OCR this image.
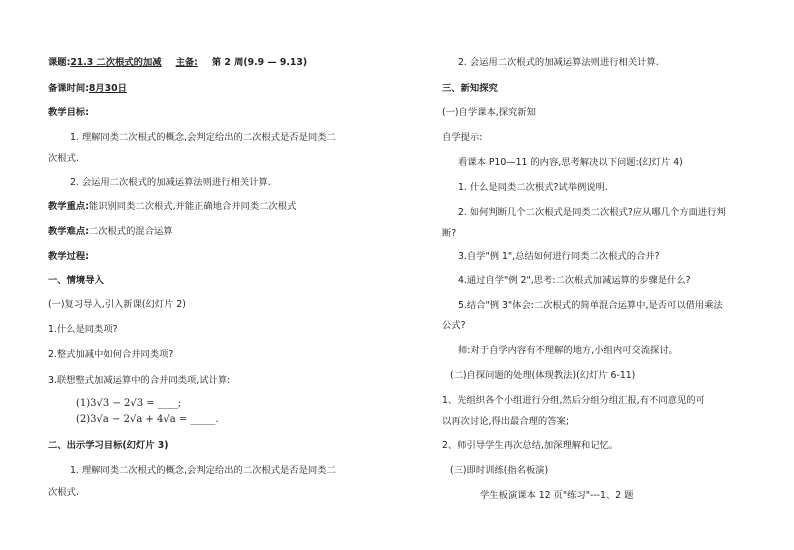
课题:21.3 二次根式的加减 主备: 第 2 周(9.9 — 9.13)
备课时间:8月30日
教学目标:
1. 理解同类二次根式的概念,会判定给出的二次根式是否是同类二
次根式.
2. 会运用二次根式的加减运算法则进行相关计算.
教学重点:能识别同类二次根式,并能正确地合并同类二次根式
教学难点:二次根式的混合运算
教学过程:
一、情境导入
(一)复习导入,引入新课(幻灯片 2)
1.什么是同类项?
2.整式加减中如何合并同类项?
3.联想整式加减运算中的合并同类项,试计算:
(1)3√3 − 2√3 = ____;
(2)3√a − 2√a + 4√a = _____.
二、出示学习目标(幻灯片 3)
1. 理解同类二次根式的概念,会判定给出的二次根式是否是同类二
次根式.
2. 会运用二次根式的加减运算法则进行相关计算.
三、新知探究
(一)自学课本,探究新知
自学提示:
看课本 P10—11 的内容,思考解决以下问题:(幻灯片 4)
1. 什么是同类二次根式?试举例说明.
2. 如何判断几个二次根式是同类二次根式?应从哪几个方面进行判
断?
3.自学"例 1",总结如何进行同类二次根式的合并?
4.通过自学"例 2",思考:二次根式加减运算的步骤是什么?
5.结合"例 3"体会:二次根式的简单混合运算中,是否可以借用乘法
公式?
师:对于自学内容有不理解的地方,小组内可交流探讨。
(二)自探问题的处理(体现教法)(幻灯片 6-11)
1、先组织各个小组进行分组,然后分组分组汇报,有不同意见的可
以再次讨论,得出最合理的答案;
2、师引导学生再次总结,加深理解和记忆。
(三)即时训练(指名板演)
学生板演课本 12 页"练习"---1、2 题
